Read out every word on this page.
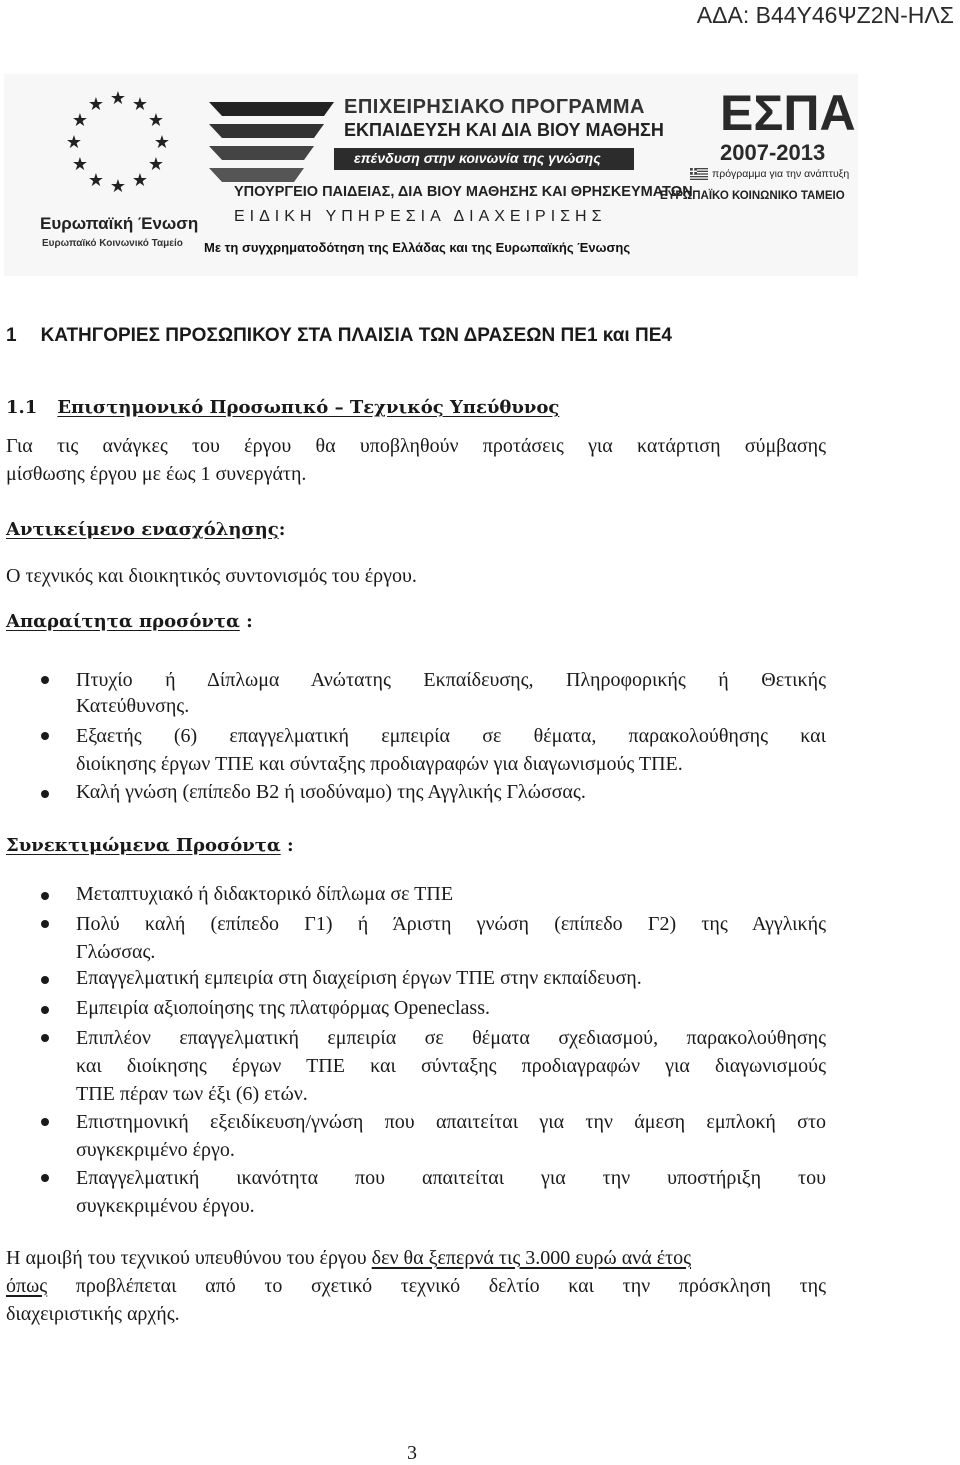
ΑΔΑ: Β44Υ46ΨΖ2Ν-ΗΛΣ
★ ★
★
★
★
★
★
★
★
★
★
★
Ευρωπαϊκή Ένωση
Ευρωπαϊκό Κοινωνικό Ταμείο
ΕΠΙΧΕΙΡΗΣΙΑΚΟ ΠΡΟΓΡΑΜΜΑ
ΕΚΠΑΙΔΕΥΣΗ ΚΑΙ ΔΙΑ ΒΙΟΥ ΜΑΘΗΣΗ
επένδυση στην κοινωνία της γνώσης
ΥΠΟΥΡΓΕΙΟ ΠΑΙΔΕΙΑΣ, ΔΙΑ ΒΙΟΥ ΜΑΘΗΣΗΣ ΚΑΙ ΘΡΗΣΚΕΥΜΑΤΩΝ
ΕΙΔΙΚΗ ΥΠΗΡΕΣΙΑ ΔΙΑΧΕΙΡΙΣΗΣ
Με τη συγχρηματοδότηση της Ελλάδας και της Ευρωπαϊκής Ένωσης
ΕΣΠΑ
2007-2013
πρόγραμμα για την ανάπτυξη
ΕΥΡΩΠΑΪΚΟ ΚΟΙΝΩΝΙΚΟ ΤΑΜΕΙΟ
1 ΚΑΤΗΓΟΡΙΕΣ ΠΡΟΣΩΠΙΚΟΥ ΣΤΑ ΠΛΑΙΣΙΑ ΤΩΝ ΔΡΑΣΕΩΝ ΠΕ1 και ΠΕ4
1.1 Επιστημονικό Προσωπικό – Τεχνικός Υπεύθυνος
Για τις ανάγκες του έργου θα υποβληθούν προτάσεις για κατάρτιση σύμβασης
μίσθωσης έργου με έως 1 συνεργάτη.
Αντικείμενο ενασχόλησης:
Ο τεχνικός και διοικητικός συντονισμός του έργου.
Απαραίτητα προσόντα :
Πτυχίο ή Δίπλωμα Ανώτατης Εκπαίδευσης, Πληροφορικής ή Θετικής
Κατεύθυνσης.
Εξαετής (6) επαγγελματική εμπειρία σε θέματα, παρακολούθησης και
διοίκησης έργων ΤΠΕ και σύνταξης προδιαγραφών για διαγωνισμούς ΤΠΕ.
Καλή γνώση (επίπεδο Β2 ή ισοδύναμο) της Αγγλικής Γλώσσας.
Συνεκτιμώμενα Προσόντα :
Μεταπτυχιακό ή διδακτορικό δίπλωμα σε ΤΠΕ
Πολύ καλή (επίπεδο Γ1) ή Άριστη γνώση (επίπεδο Γ2) της Αγγλικής
Γλώσσας.
Επαγγελματική εμπειρία στη διαχείριση έργων ΤΠΕ στην εκπαίδευση.
Εμπειρία αξιοποίησης της πλατφόρμας Openeclass.
Επιπλέον επαγγελματική εμπειρία σε θέματα σχεδιασμού, παρακολούθησης
και διοίκησης έργων ΤΠΕ και σύνταξης προδιαγραφών για διαγωνισμούς
ΤΠΕ πέραν των έξι (6) ετών.
Επιστημονική εξειδίκευση/γνώση που απαιτείται για την άμεση εμπλοκή στο
συγκεκριμένο έργο.
Επαγγελματική ικανότητα που απαιτείται για την υποστήριξη του
συγκεκριμένου έργου.
Η αμοιβή του τεχνικού υπευθύνου του έργου δεν θα ξεπερνά τις 3.000 ευρώ ανά έτος
όπως προβλέπεται από το σχετικό τεχνικό δελτίο και την πρόσκληση της
διαχειριστικής αρχής.
3
